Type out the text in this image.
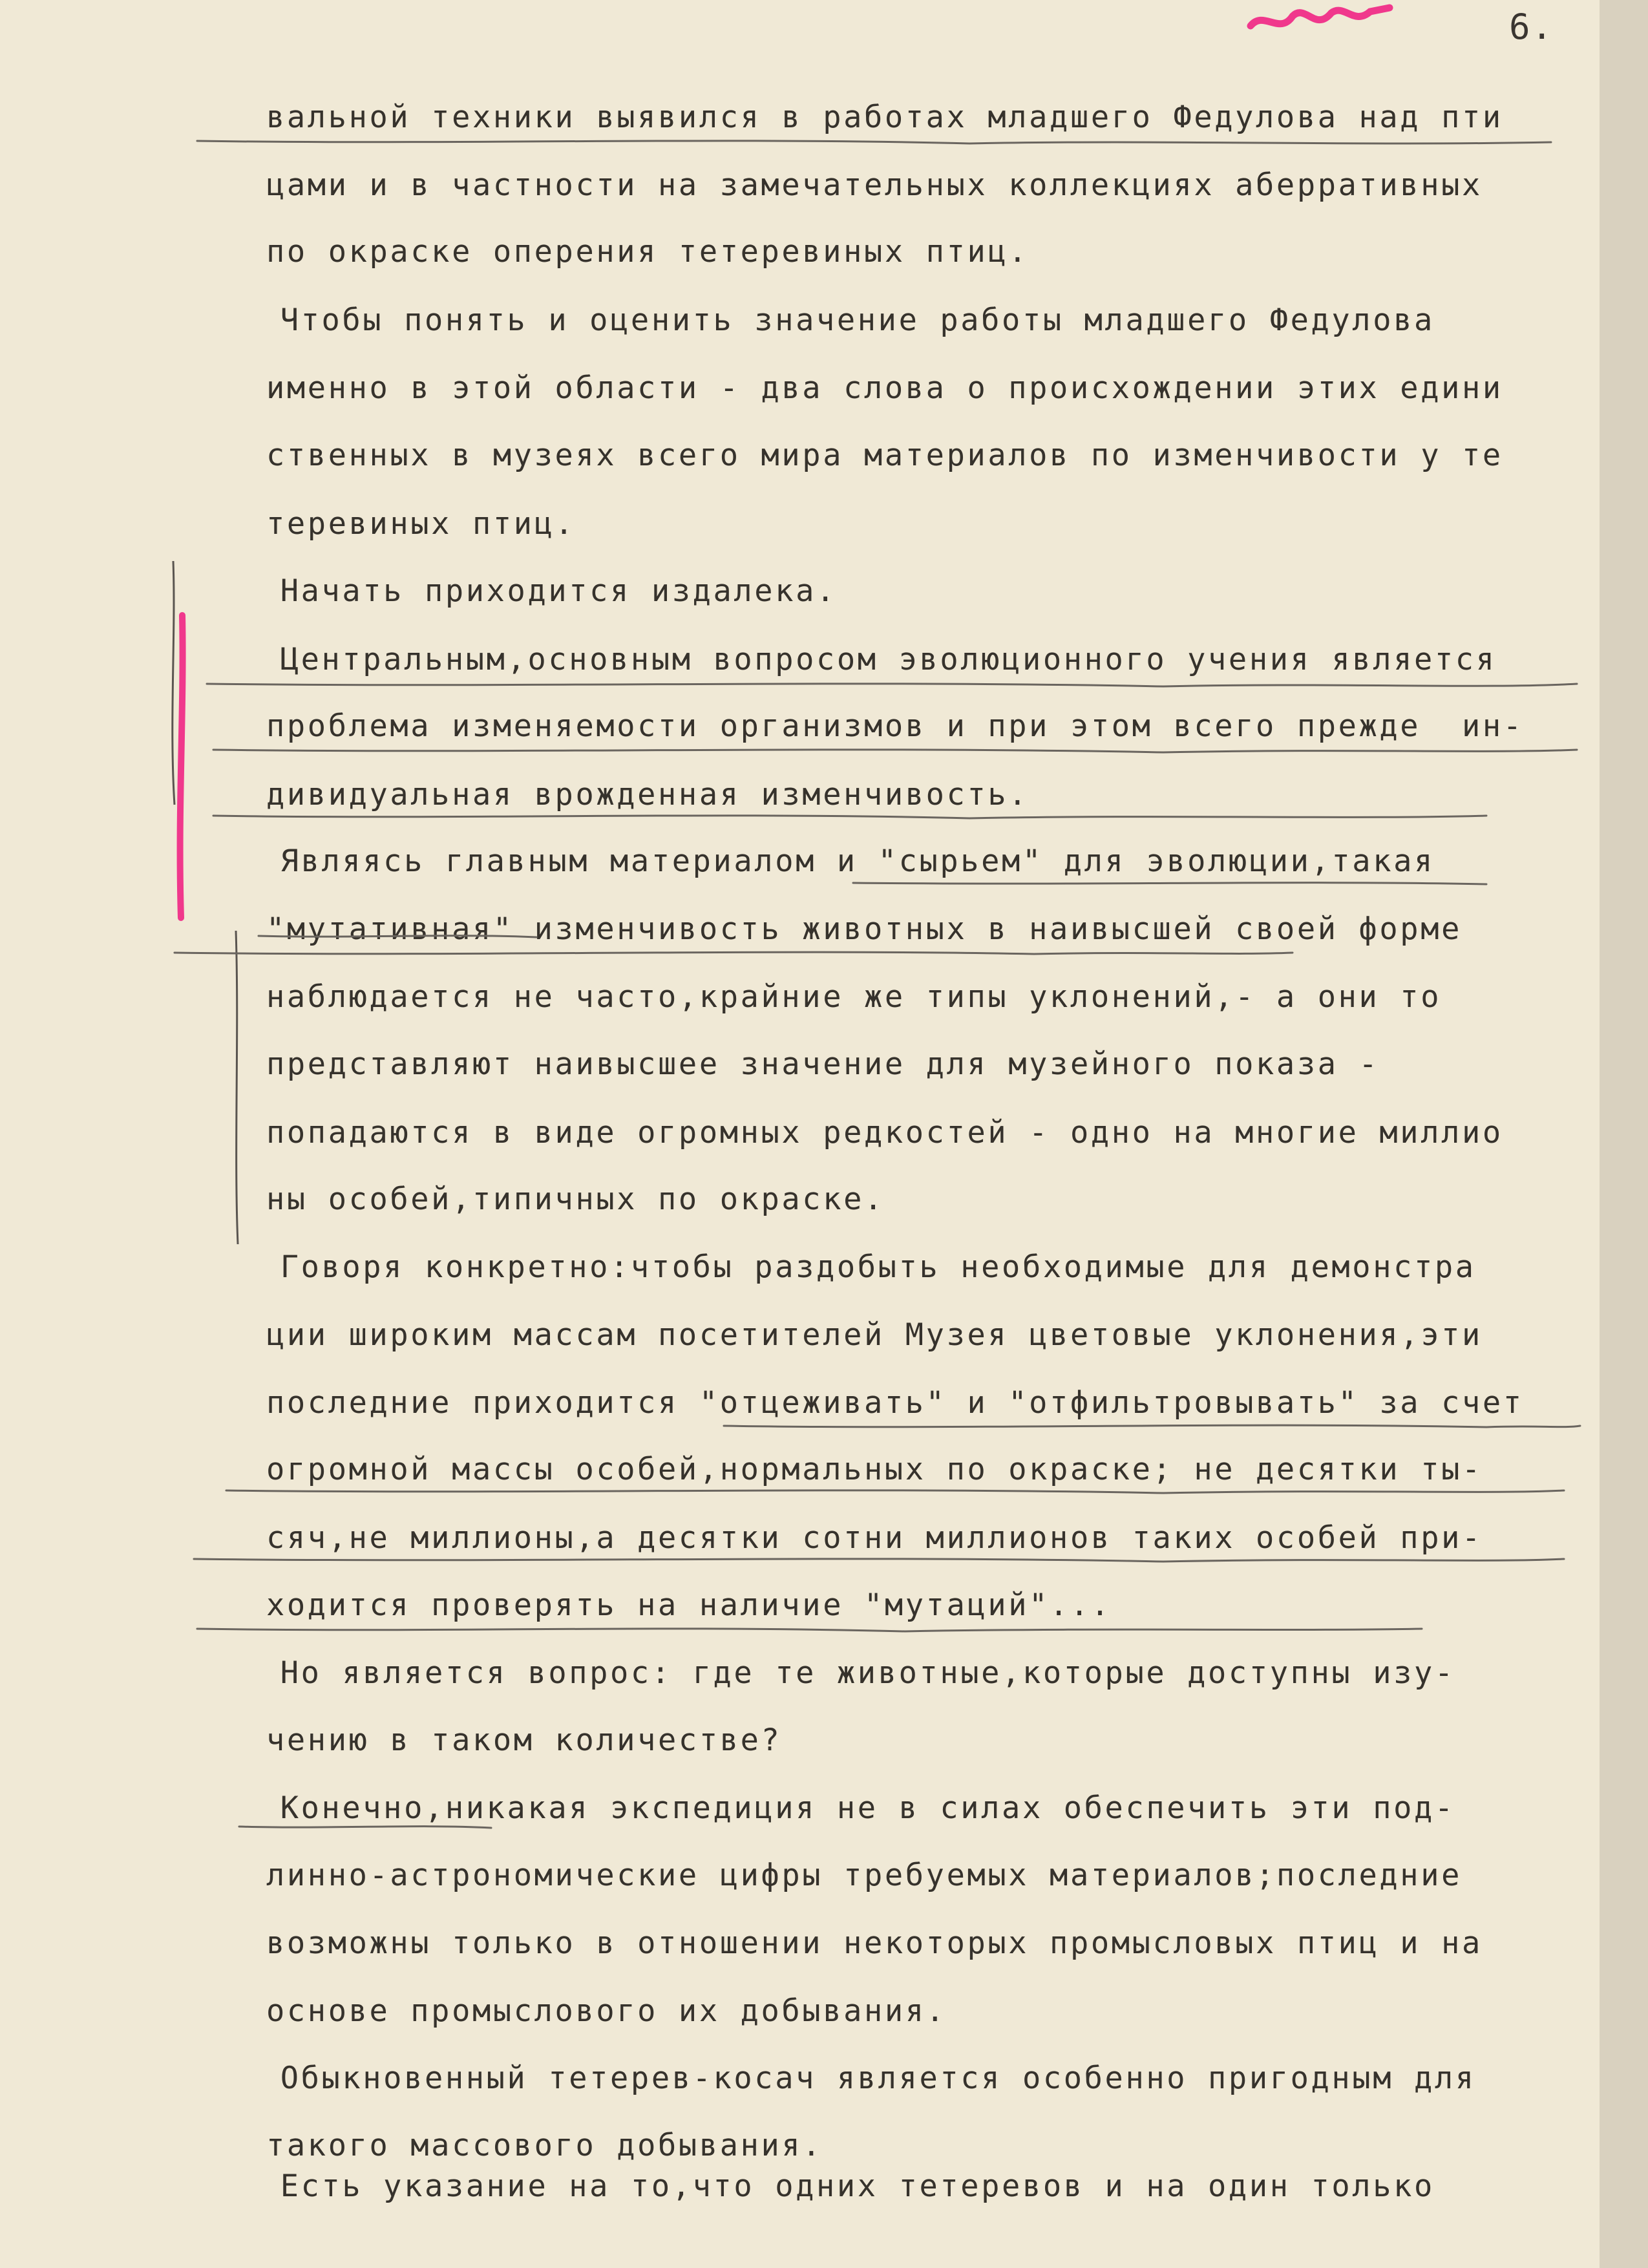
6.
вальной техники выявился в работах младшего Федулова над пти
цами и в частности на замечательных коллекциях аберративных
по окраске оперения тетеревиных птиц.
Чтобы понять и оценить значение работы младшего Федулова
именно в этой области - два слова о происхождении этих едини
ственных в музеях всего мира материалов по изменчивости у те
теревиных птиц.
Начать приходится издалека.
Центральным,основным вопросом эволюционного учения является
проблема изменяемости организмов и при этом всего прежде  ин-
дивидуальная врожденная изменчивость.
Являясь главным материалом и "сырьем" для эволюции,такая
"мутативная" изменчивость животных в наивысшей своей форме
наблюдается не часто,крайние же типы уклонений,- а они то
представляют наивысшее значение для музейного показа -
попадаются в виде огромных редкостей - одно на многие миллио
ны особей,типичных по окраске.
Говоря конкретно:чтобы раздобыть необходимые для демонстра
ции широким массам посетителей Музея цветовые уклонения,эти
последние приходится "отцеживать" и "отфильтровывать" за счет
огромной массы особей,нормальных по окраске; не десятки ты-
сяч,не миллионы,а десятки сотни миллионов таких особей при-
ходится проверять на наличие "мутаций"...
Но является вопрос: где те животные,которые доступны изу-
чению в таком количестве?
Конечно,никакая экспедиция не в силах обеспечить эти под-
линно-астрономические цифры требуемых материалов;последние
возможны только в отношении некоторых промысловых птиц и на
основе промыслового их добывания.
Обыкновенный тетерев-косач является особенно пригодным для
такого массового добывания.
Есть указание на то,что одних тетеревов и на один только
